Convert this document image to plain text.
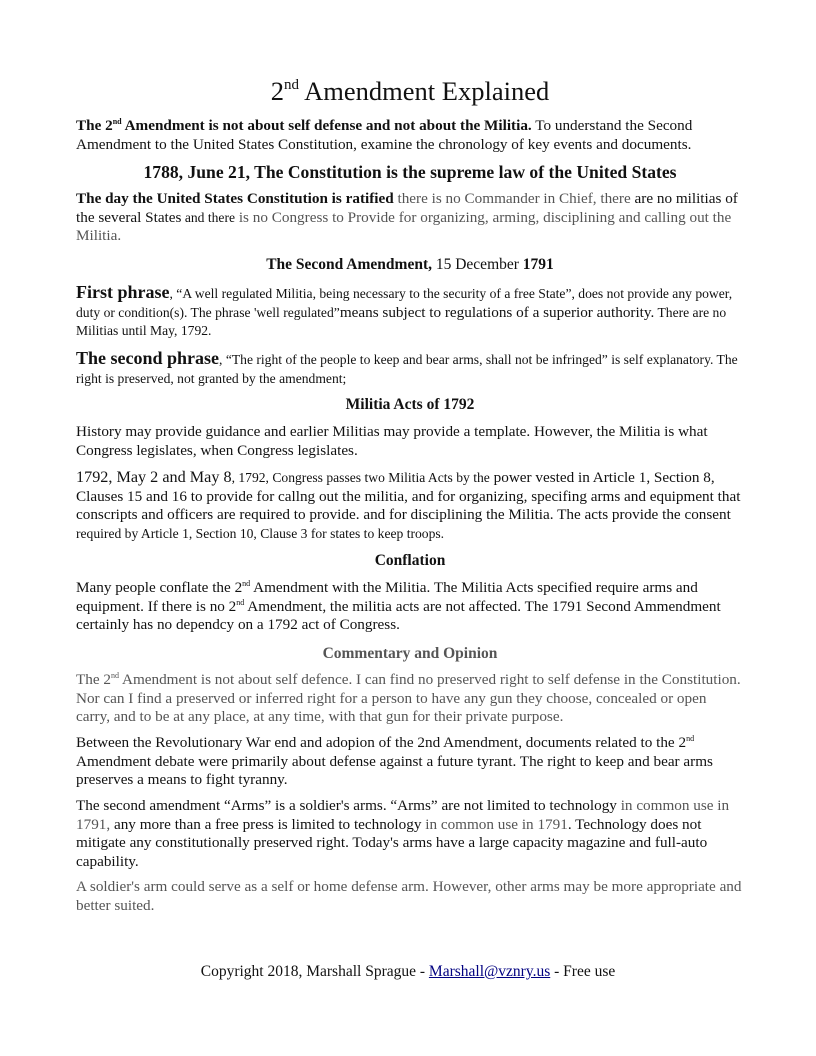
2nd Amendment Explained

The 2nd Amendment is not about self defense and not about the Militia. To understand the Second Amendment to the United States Constitution, examine the chronology of key events and documents.

1788, June 21, The Constitution is the supreme law of the United States

The day the United States Constitution is ratified there is no Commander in Chief, there are no militias of the several States and there is no Congress to Provide for organizing, arming, disciplining and calling out the Militia.

The Second Amendment, 15 December 1791

First phrase, “A well regulated Militia, being necessary to the security of a free State”, does not provide any power, duty or condition(s). The phrase 'well regulated”means subject to regulations of a superior authority. There are no Militias until May, 1792.

The second phrase, “The right of the people to keep and bear arms, shall not be infringed” is self explanatory. The right is preserved, not granted by the amendment;

Militia Acts of 1792

History may provide guidance and earlier Militias may provide a template. However, the Militia is what Congress legislates, when Congress legislates.

1792, May 2 and May 8, 1792, Congress passes two Militia Acts by the power vested in Article 1, Section 8, Clauses 15 and 16 to provide for callng out the militia, and for organizing, specifing arms and equipment that conscripts and officers are required to provide. and for disciplining the Militia. The acts provide the consent required by Article 1, Section 10, Clause 3 for states to keep troops.

Conflation

Many people conflate the 2nd Amendment with the Militia. The Militia Acts specified require arms and equipment. If there is no 2nd Amendment, the militia acts are not affected. The 1791 Second Ammendment certainly has no dependcy on a 1792 act of Congress.

Commentary and Opinion

The 2nd Amendment is not about self defence. I can find no preserved right to self defense in the Constitution. Nor can I find a preserved or inferred right for a person to have any gun they choose, concealed or open carry, and to be at any place, at any time, with that gun for their private purpose.

Between the Revolutionary War end and adopion of the 2nd Amendment, documents related to the 2nd Amendment debate were primarily about defense against a future tyrant. The right to keep and bear arms preserves a means to fight tyranny.

The second amendment “Arms” is a soldier's arms. “Arms” are not limited to technology in common use in 1791, any more than a free press is limited to technology in common use in 1791. Technology does not mitigate any constitutionally preserved right. Today's arms have a large capacity magazine and full-auto capability.

A soldier's arm could serve as a self or home defense arm. However, other arms may be more appropriate and better suited.

Copyright 2018, Marshall Sprague - Marshall@vznry.us - Free use
